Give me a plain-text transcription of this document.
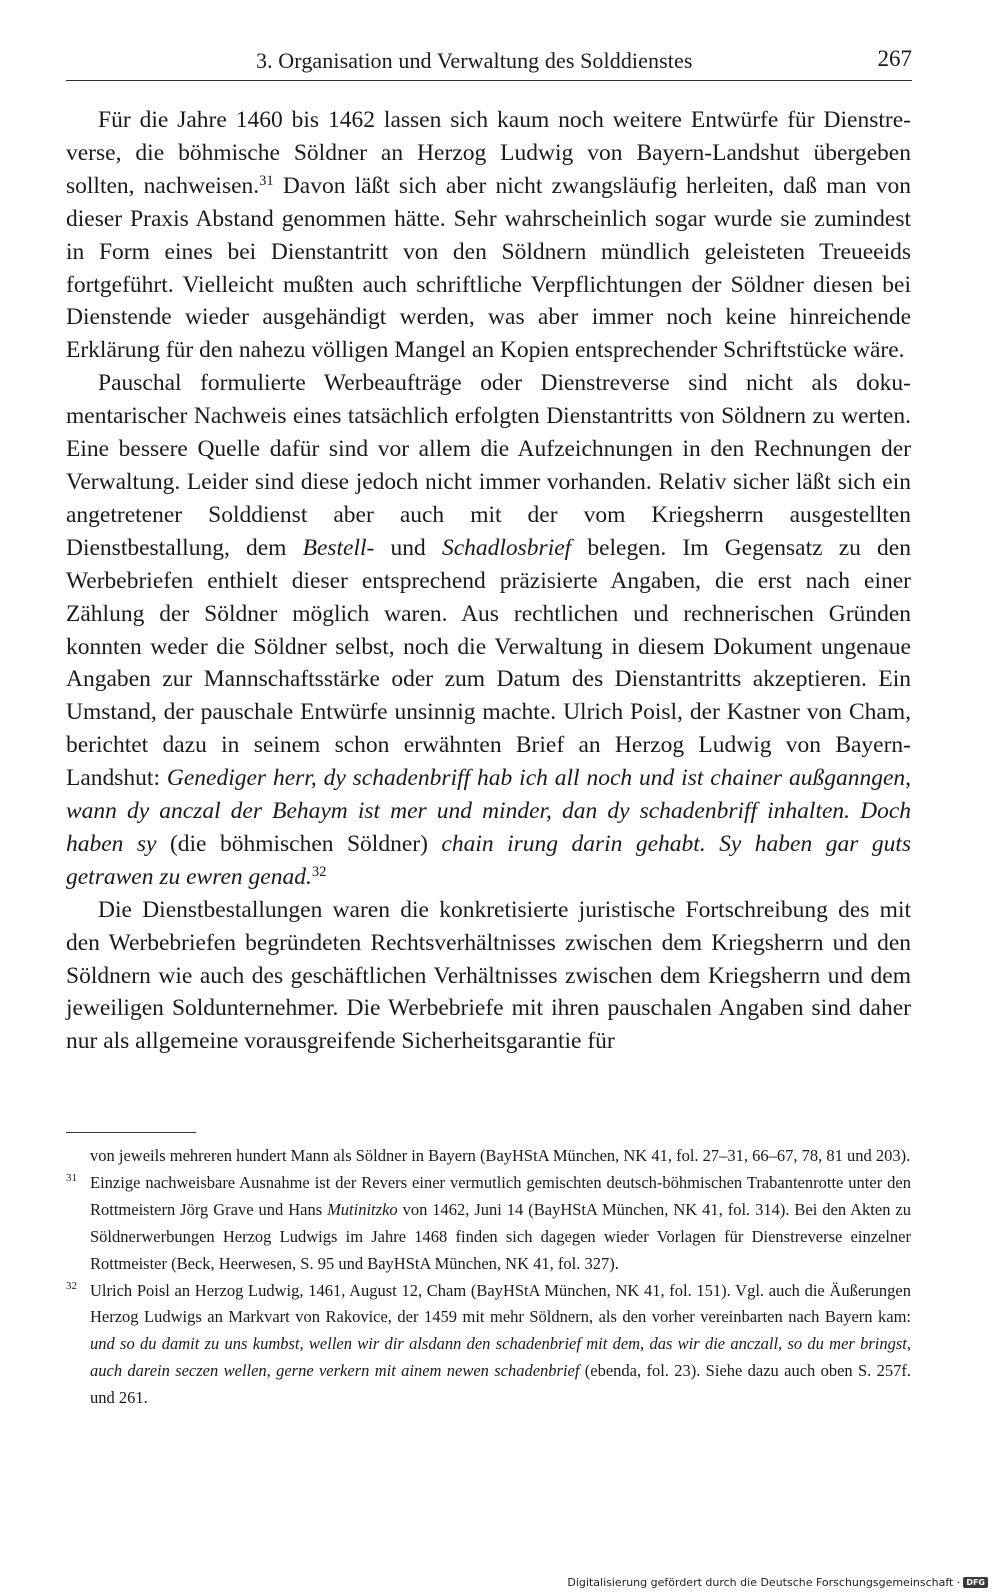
3. Organisation und Verwaltung des Solddienstes	267

Für die Jahre 1460 bis 1462 lassen sich kaum noch weitere Entwürfe für Dienstreverse, die böhmische Söldner an Herzog Ludwig von Bayern-Landshut übergeben sollten, nachweisen.$^{31}$ Davon läßt sich aber nicht zwangsläufig herleiten, daß man von dieser Praxis Abstand genommen hätte. Sehr wahrscheinlich sogar wurde sie zumindest in Form eines bei Dienstantritt von den Söldnern mündlich geleisteten Treueeids fortgeführt. Vielleicht mußten auch schriftliche Verpflichtungen der Söldner diesen bei Dienstende wieder ausgehändigt werden, was aber immer noch keine hinreichende Erklärung für den nahezu völligen Mangel an Kopien entsprechender Schriftstücke wäre.

Pauschal formulierte Werbeaufträge oder Dienstreverse sind nicht als dokumentarischer Nachweis eines tatsächlich erfolgten Dienstantritts von Söldnern zu werten. Eine bessere Quelle dafür sind vor allem die Aufzeichnungen in den Rechnungen der Verwaltung. Leider sind diese jedoch nicht immer vorhanden. Relativ sicher läßt sich ein angetretener Solddienst aber auch mit der vom Kriegsherrn ausgestellten Dienstbestallung, dem Bestell- und Schadlosbrief belegen. Im Gegensatz zu den Werbebriefen enthielt dieser entsprechend präzisierte Angaben, die erst nach einer Zählung der Söldner möglich waren. Aus rechtlichen und rechnerischen Gründen konnten weder die Söldner selbst, noch die Verwaltung in diesem Dokument ungenaue Angaben zur Mannschaftsstärke oder zum Datum des Dienstantritts akzeptieren. Ein Umstand, der pauschale Entwürfe unsinnig machte. Ulrich Poisl, der Kastner von Cham, berichtet dazu in seinem schon erwähnten Brief an Herzog Ludwig von Bayern-Landshut: Genediger herr, dy schadenbriff hab ich all noch und ist chainer außganngen, wann dy anczal der Behaym ist mer und minder, dan dy schadenbriff inhalten. Doch haben sy (die böhmischen Söldner) chain irung darin gehabt. Sy haben gar guts getrawen zu ewren genad.$^{32}$

Die Dienstbestallungen waren die konkretisierte juristische Fortschreibung des mit den Werbebriefen begründeten Rechtsverhältnisses zwischen dem Kriegsherrn und den Söldnern wie auch des geschäftlichen Verhältnisses zwischen dem Kriegsherrn und dem jeweiligen Soldunternehmer. Die Werbebriefe mit ihren pauschalen Angaben sind daher nur als allgemeine vorausgreifende Sicherheitsgarantie für

von jeweils mehreren hundert Mann als Söldner in Bayern (BayHStA München, NK 41, fol. 27–31, 66–67, 78, 81 und 203).

31 Einzige nachweisbare Ausnahme ist der Revers einer vermutlich gemischten deutsch-böhmischen Trabantenrotte unter den Rottmeistern Jörg Grave und Hans Mutinitzko von 1462, Juni 14 (BayHStA München, NK 41, fol. 314). Bei den Akten zu Söldnerwerbungen Herzog Ludwigs im Jahre 1468 finden sich dagegen wieder Vorlagen für Dienstreverse einzelner Rottmeister (Beck, Heerwesen, S. 95 und BayHStA München, NK 41, fol. 327).

32 Ulrich Poisl an Herzog Ludwig, 1461, August 12, Cham (BayHStA München, NK 41, fol. 151). Vgl. auch die Äußerungen Herzog Ludwigs an Markvart von Rakovice, der 1459 mit mehr Söldnern, als den vorher vereinbarten nach Bayern kam: und so du damit zu uns kumbst, wellen wir dir alsdann den schadenbrief mit dem, das wir die anczall, so du mer bringst, auch darein seczen wellen, gerne verkern mit ainem newen schadenbrief (ebenda, fol. 23). Siehe dazu auch oben S. 257f. und 261.

Digitalisierung gefördert durch die Deutsche Forschungsgemeinschaft · DFG
